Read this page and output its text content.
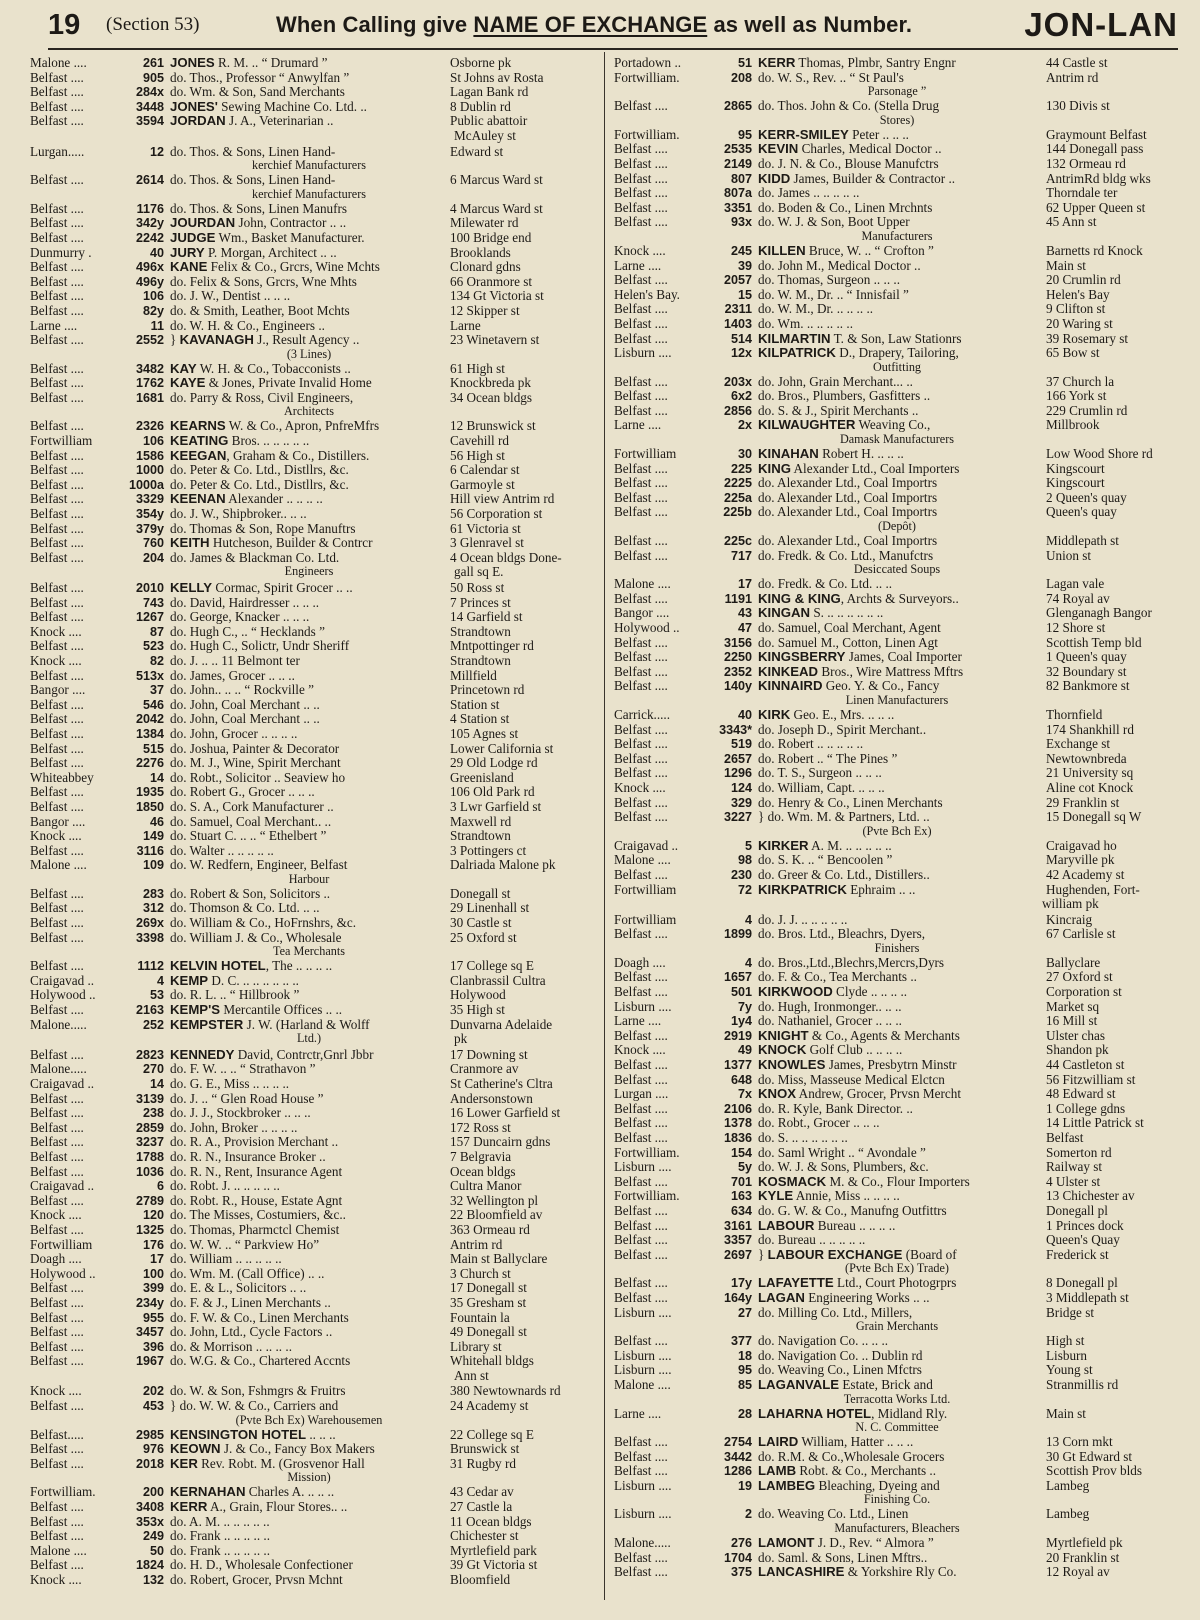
19	(Section 53)	When Calling give NAME OF EXCHANGE as well as Number.	JON-LAN
Malone ....	261 JONES R. M. .. “ Drumard ”	Osborne pk
Belfast ....	905 do. Thos., Professor “ Anwylfan ”	St Johns av Rosta
Belfast ....	284x do. Wm. & Son, Sand Merchants	Lagan Bank rd
Belfast ....	3448 JONES' Sewing Machine Co. Ltd. ..	8 Dublin rd
Belfast ....	3594 JORDAN J. A., Veterinarian ..	Public abattoir
McAuley st
Lurgan.....	12 do. Thos. & Sons, Linen Hand-	Edward st
kerchief Manufacturers
Belfast ....	2614 do. Thos. & Sons, Linen Hand-	6 Marcus Ward st
kerchief Manufacturers
Belfast ....	1176 do. Thos. & Sons, Linen Manufrs	4 Marcus Ward st
Belfast ....	342y JOURDAN John, Contractor .. ..	Milewater rd
Belfast ....	2242 JUDGE Wm., Basket Manufacturer.	100 Bridge end
Dunmurry .	40 JURY P. Morgan, Architect .. ..	Brooklands
Belfast ....	496x KANE Felix & Co., Grcrs, Wine Mchts	Clonard gdns
Belfast ....	496y do. Felix & Sons, Grcrs, Wne Mhts	66 Oranmore st
Belfast ....	106 do. J. W., Dentist .. .. ..	134 Gt Victoria st
Belfast ....	82y do. & Smith, Leather, Boot Mchts	12 Skipper st
Larne ....	11 do. W. H. & Co., Engineers ..	Larne
Belfast ....	2552 } KAVANAGH J., Result Agency ..	23 Winetavern st
(3 Lines)
Belfast ....	3482 KAY W. H. & Co., Tobacconists ..	61 High st
Belfast ....	1762 KAYE & Jones, Private Invalid Home	Knockbreda pk
Belfast ....	1681 do. Parry & Ross, Civil Engineers,	34 Ocean bldgs
Architects
Belfast ....	2326 KEARNS W. & Co., Apron, PnfreMfrs	12 Brunswick st
Fortwilliam	106 KEATING Bros. .. .. .. .. ..	Cavehill rd
Belfast ....	1586 KEEGAN, Graham & Co., Distillers.	56 High st
Belfast ....	1000 do. Peter & Co. Ltd., Distllrs, &c.	6 Calendar st
Belfast ....	1000a do. Peter & Co. Ltd., Distllrs, &c.	Garmoyle st
Belfast ....	3329 KEENAN Alexander .. .. .. ..	Hill view Antrim rd
Belfast ....	354y do. J. W., Shipbroker.. .. ..	56 Corporation st
Belfast ....	379y do. Thomas & Son, Rope Manuftrs	61 Victoria st
Belfast ....	760 KEITH Hutcheson, Builder & Contrcr	3 Glenravel st
Belfast ....	204 do. James & Blackman Co. Ltd.	4 Ocean bldgs Done-
Engineers	gall sq E.
Belfast ....	2010 KELLY Cormac, Spirit Grocer .. ..	50 Ross st
Belfast ....	743 do. David, Hairdresser .. .. ..	7 Princes st
Belfast ....	1267 do. George, Knacker .. .. ..	14 Garfield st
Knock ....	87 do. Hugh C., .. “ Hecklands ”	Strandtown
Belfast ....	523 do. Hugh C., Solictr, Undr Sheriff	Mntpottinger rd
Knock ....	82 do. J. .. .. 11 Belmont ter	Strandtown
Belfast ....	513x do. James, Grocer .. .. ..	Millfield
Bangor ....	37 do. John.. .. .. “ Rockville ”	Princetown rd
Belfast ....	546 do. John, Coal Merchant .. ..	Station st
Belfast ....	2042 do. John, Coal Merchant .. ..	4 Station st
Belfast ....	1384 do. John, Grocer .. .. .. ..	105 Agnes st
Belfast ....	515 do. Joshua, Painter & Decorator	Lower California st
Belfast ....	2276 do. M. J., Wine, Spirit Merchant	29 Old Lodge rd
Whiteabbey	14 do. Robt., Solicitor .. Seaview ho	Greenisland
Belfast ....	1935 do. Robert G., Grocer .. .. ..	106 Old Park rd
Belfast ....	1850 do. S. A., Cork Manufacturer ..	3 Lwr Garfield st
Bangor ....	46 do. Samuel, Coal Merchant.. ..	Maxwell rd
Knock ....	149 do. Stuart C. .. .. “ Ethelbert ”	Strandtown
Belfast ....	3116 do. Walter .. .. .. .. ..	3 Pottingers ct
Malone ....	109 do. W. Redfern, Engineer, Belfast	Dalriada Malone pk
Harbour
Belfast ....	283 do. Robert & Son, Solicitors ..	Donegall st
Belfast ....	312 do. Thomson & Co. Ltd. .. ..	29 Linenhall st
Belfast ....	269x do. William & Co., HoFrnshrs, &c.	30 Castle st
Belfast ....	3398 do. William J. & Co., Wholesale	25 Oxford st
Tea Merchants
Belfast ....	1112 KELVIN HOTEL, The .. .. .. ..	17 College sq E
Craigavad ..	4 KEMP D. C. .. .. .. .. .. ..	Clanbrassil Cultra
Holywood ..	53 do. R. L. .. “ Hillbrook ”	Holywood
Belfast ....	2163 KEMP'S Mercantile Offices .. ..	35 High st
Malone.....	252 KEMPSTER J. W. (Harland & Wolff	Dunvarna Adelaide
Ltd.)	pk
Belfast ....	2823 KENNEDY David, Contrctr,Gnrl Jbbr	17 Downing st
Malone.....	270 do. F. W. .. .. “ Strathavon ”	Cranmore av
Craigavad ..	14 do. G. E., Miss .. .. .. ..	St Catherine's Cltra
Belfast ....	3139 do. J. .. “ Glen Road House ”	Andersonstown
Belfast ....	238 do. J. J., Stockbroker .. .. ..	16 Lower Garfield st
Belfast ....	2859 do. John, Broker .. .. .. ..	172 Ross st
Belfast ....	3237 do. R. A., Provision Merchant ..	157 Duncairn gdns
Belfast ....	1788 do. R. N., Insurance Broker ..	7 Belgravia
Belfast ....	1036 do. R. N., Rent, Insurance Agent	Ocean bldgs
Craigavad ..	6 do. Robt. J. .. .. .. .. ..	Cultra Manor
Belfast ....	2789 do. Robt. R., House, Estate Agnt	32 Wellington pl
Knock ....	120 do. The Misses, Costumiers, &c..	22 Bloomfield av
Belfast ....	1325 do. Thomas, Pharmctcl Chemist	363 Ormeau rd
Fortwilliam	176 do. W. W. .. “ Parkview Ho”	Antrim rd
Doagh ....	17 do. William .. .. .. .. ..	Main st Ballyclare
Holywood ..	100 do. Wm. M. (Call Office) .. ..	3 Church st
Belfast ....	399 do. E. & L., Solicitors .. ..	17 Donegall st
Belfast ....	234y do. F. & J., Linen Merchants ..	35 Gresham st
Belfast ....	955 do. F. W. & Co., Linen Merchants	Fountain la
Belfast ....	3457 do. John, Ltd., Cycle Factors ..	49 Donegall st
Belfast ....	396 do. & Morrison .. .. .. ..	Library st
Belfast ....	1967 do. W.G. & Co., Chartered Accnts	Whitehall bldgs
Ann st
Knock ....	202 do. W. & Son, Fshmgrs & Fruitrs	380 Newtownards rd
Belfast ....	453 } do. W. W. & Co., Carriers and	24 Academy st
(Pvte Bch Ex) Warehousemen
Belfast.....	2985 KENSINGTON HOTEL .. .. ..	22 College sq E
Belfast ....	976 KEOWN J. & Co., Fancy Box Makers	Brunswick st
Belfast ....	2018 KER Rev. Robt. M. (Grosvenor Hall	31 Rugby rd
Mission)
Fortwilliam.	200 KERNAHAN Charles A. .. .. ..	43 Cedar av
Belfast ....	3408 KERR A., Grain, Flour Stores.. ..	27 Castle la
Belfast ....	353x do. A. M. .. .. .. .. ..	11 Ocean bldgs
Belfast ....	249 do. Frank .. .. .. .. ..	Chichester st
Malone ....	50 do. Frank .. .. .. .. ..	Myrtlefield park
Belfast ....	1824 do. H. D., Wholesale Confectioner	39 Gt Victoria st
Knock ....	132 do. Robert, Grocer, Prvsn Mchnt	Bloomfield
Portadown ..	51 KERR Thomas, Plmbr, Santry Engnr	44 Castle st
Fortwilliam.	208 do. W. S., Rev. .. “ St Paul's	Antrim rd
Parsonage ”
Belfast ....	2865 do. Thos. John & Co. (Stella Drug	130 Divis st
Stores)
Fortwilliam.	95 KERR-SMILEY Peter .. .. ..	Graymount Belfast
Belfast ....	2535 KEVIN Charles, Medical Doctor ..	144 Donegall pass
Belfast ....	2149 do. J. N. & Co., Blouse Manufctrs	132 Ormeau rd
Belfast ....	807 KIDD James, Builder & Contractor ..	AntrimRd bldg wks
Belfast ....	807a do. James .. .. .. .. ..	Thorndale ter
Belfast ....	3351 do. Boden & Co., Linen Mrchnts	62 Upper Queen st
Belfast ....	93x do. W. J. & Son, Boot Upper	45 Ann st
Manufacturers
Knock ....	245 KILLEN Bruce, W. .. “ Crofton ”	Barnetts rd Knock
Larne ....	39 do. John M., Medical Doctor ..	Main st
Belfast ....	2057 do. Thomas, Surgeon .. .. ..	20 Crumlin rd
Helen's Bay.	15 do. W. M., Dr. .. “ Innisfail ”	Helen's Bay
Belfast ....	2311 do. W. M., Dr. .. .. .. ..	9 Clifton st
Belfast ....	1403 do. Wm. .. .. .. .. ..	20 Waring st
Belfast ....	514 KILMARTIN T. & Son, Law Stationrs	39 Rosemary st
Lisburn ....	12x KILPATRICK D., Drapery, Tailoring,	65 Bow st
Outfitting
Belfast ....	203x do. John, Grain Merchant... ..	37 Church la
Belfast ....	6x2 do. Bros., Plumbers, Gasfitters ..	166 York st
Belfast ....	2856 do. S. & J., Spirit Merchants ..	229 Crumlin rd
Larne ....	2x KILWAUGHTER Weaving Co.,	Millbrook
Damask Manufacturers
Fortwilliam	30 KINAHAN Robert H. .. .. ..	Low Wood Shore rd
Belfast ....	225 KING Alexander Ltd., Coal Importers	Kingscourt
Belfast ....	2225 do. Alexander Ltd., Coal Importrs	Kingscourt
Belfast ....	225a do. Alexander Ltd., Coal Importrs	2 Queen's quay
Belfast ....	225b do. Alexander Ltd., Coal Importrs	Queen's quay
(Depôt)
Belfast ....	225c do. Alexander Ltd., Coal Importrs	Middlepath st
Belfast ....	717 do. Fredk. & Co. Ltd., Manufctrs	Union st
Desiccated Soups
Malone ....	17 do. Fredk. & Co. Ltd. .. ..	Lagan vale
Belfast ....	1191 KING & KING, Archts & Surveyors..	74 Royal av
Bangor ....	43 KINGAN S. .. .. .. .. .. ..	Glenganagh Bangor
Holywood ..	47 do. Samuel, Coal Merchant, Agent	12 Shore st
Belfast ....	3156 do. Samuel M., Cotton, Linen Agt	Scottish Temp bld
Belfast ....	2250 KINGSBERRY James, Coal Importer	1 Queen's quay
Belfast ....	2352 KINKEAD Bros., Wire Mattress Mftrs	32 Boundary st
Belfast ....	140y KINNAIRD Geo. Y. & Co., Fancy	82 Bankmore st
Linen Manufacturers
Carrick.....	40 KIRK Geo. E., Mrs. .. .. ..	Thornfield
Belfast ....	3343* do. Joseph D., Spirit Merchant..	174 Shankhill rd
Belfast ....	519 do. Robert .. .. .. .. ..	Exchange st
Belfast ....	2657 do. Robert .. “ The Pines ”	Newtownbreda
Belfast ....	1296 do. T. S., Surgeon .. .. ..	21 University sq
Knock ....	124 do. William, Capt. .. .. ..	Aline cot Knock
Belfast ....	329 do. Henry & Co., Linen Merchants	29 Franklin st
Belfast ....	3227 } do. Wm. M. & Partners, Ltd. ..	15 Donegall sq W
(Pvte Bch Ex)
Craigavad ..	5 KIRKER A. M. .. .. .. .. ..	Craigavad ho
Malone ....	98 do. S. K. .. “ Bencoolen ”	Maryville pk
Belfast ....	230 do. Greer & Co. Ltd., Distillers..	42 Academy st
Fortwilliam	72 KIRKPATRICK Ephraim .. ..	Hughenden, Fort-
william pk
Fortwilliam	4 do. J. J. .. .. .. .. ..	Kincraig
Belfast ....	1899 do. Bros. Ltd., Bleachrs, Dyers,	67 Carlisle st
Finishers
Doagh ....	4 do. Bros.,Ltd.,Blechrs,Mercrs,Dyrs	Ballyclare
Belfast ....	1657 do. F. & Co., Tea Merchants ..	27 Oxford st
Belfast ....	501 KIRKWOOD Clyde .. .. .. ..	Corporation st
Lisburn ....	7y do. Hugh, Ironmonger.. .. ..	Market sq
Larne ....	1y4 do. Nathaniel, Grocer .. .. ..	16 Mill st
Belfast ....	2919 KNIGHT & Co., Agents & Merchants	Ulster chas
Knock ....	49 KNOCK Golf Club .. .. .. ..	Shandon pk
Belfast ....	1377 KNOWLES James, Presbytrn Minstr	44 Castleton st
Belfast ....	648 do. Miss, Masseuse Medical Elctcn	56 Fitzwilliam st
Lurgan ....	7x KNOX Andrew, Grocer, Prvsn Mercht	48 Edward st
Belfast ....	2106 do. R. Kyle, Bank Director. ..	1 College gdns
Belfast ....	1378 do. Robt., Grocer .. .. ..	14 Little Patrick st
Belfast ....	1836 do. S. .. .. .. .. .. ..	Belfast
Fortwilliam.	154 do. Saml Wright .. “ Avondale ”	Somerton rd
Lisburn ....	5y do. W. J. & Sons, Plumbers, &c.	Railway st
Belfast ....	701 KOSMACK M. & Co., Flour Importers	4 Ulster st
Fortwilliam.	163 KYLE Annie, Miss .. .. .. ..	13 Chichester av
Belfast ....	634 do. G. W. & Co., Manufng Outfittrs	Donegall pl
Belfast ....	3161 LABOUR Bureau .. .. .. ..	1 Princes dock
Belfast ....	3357 do. Bureau .. .. .. .. ..	Queen's Quay
Belfast ....	2697 } LABOUR EXCHANGE (Board of	Frederick st
(Pvte Bch Ex) Trade)
Belfast ....	17y LAFAYETTE Ltd., Court Photogrprs	8 Donegall pl
Belfast ....	164y LAGAN Engineering Works .. ..	3 Middlepath st
Lisburn ....	27 do. Milling Co. Ltd., Millers,	Bridge st
Grain Merchants
Belfast ....	377 do. Navigation Co. .. .. ..	High st
Lisburn ....	18 do. Navigation Co. .. Dublin rd	Lisburn
Lisburn ....	95 do. Weaving Co., Linen Mfctrs	Young st
Malone ....	85 LAGANVALE Estate, Brick and	Stranmillis rd
Terracotta Works Ltd.
Larne ....	28 LAHARNA HOTEL, Midland Rly.	Main st
N. C. Committee
Belfast ....	2754 LAIRD William, Hatter .. .. ..	13 Corn mkt
Belfast ....	3442 do. R.M. & Co.,Wholesale Grocers	30 Gt Edward st
Belfast ....	1286 LAMB Robt. & Co., Merchants ..	Scottish Prov blds
Lisburn ....	19 LAMBEG Bleaching, Dyeing and	Lambeg
Finishing Co.
Lisburn ....	2 do. Weaving Co. Ltd., Linen	Lambeg
Manufacturers, Bleachers
Malone.....	276 LAMONT J. D., Rev. “ Almora ”	Myrtlefield pk
Belfast ....	1704 do. Saml. & Sons, Linen Mftrs..	20 Franklin st
Belfast ....	375 LANCASHIRE & Yorkshire Rly Co.	12 Royal av
